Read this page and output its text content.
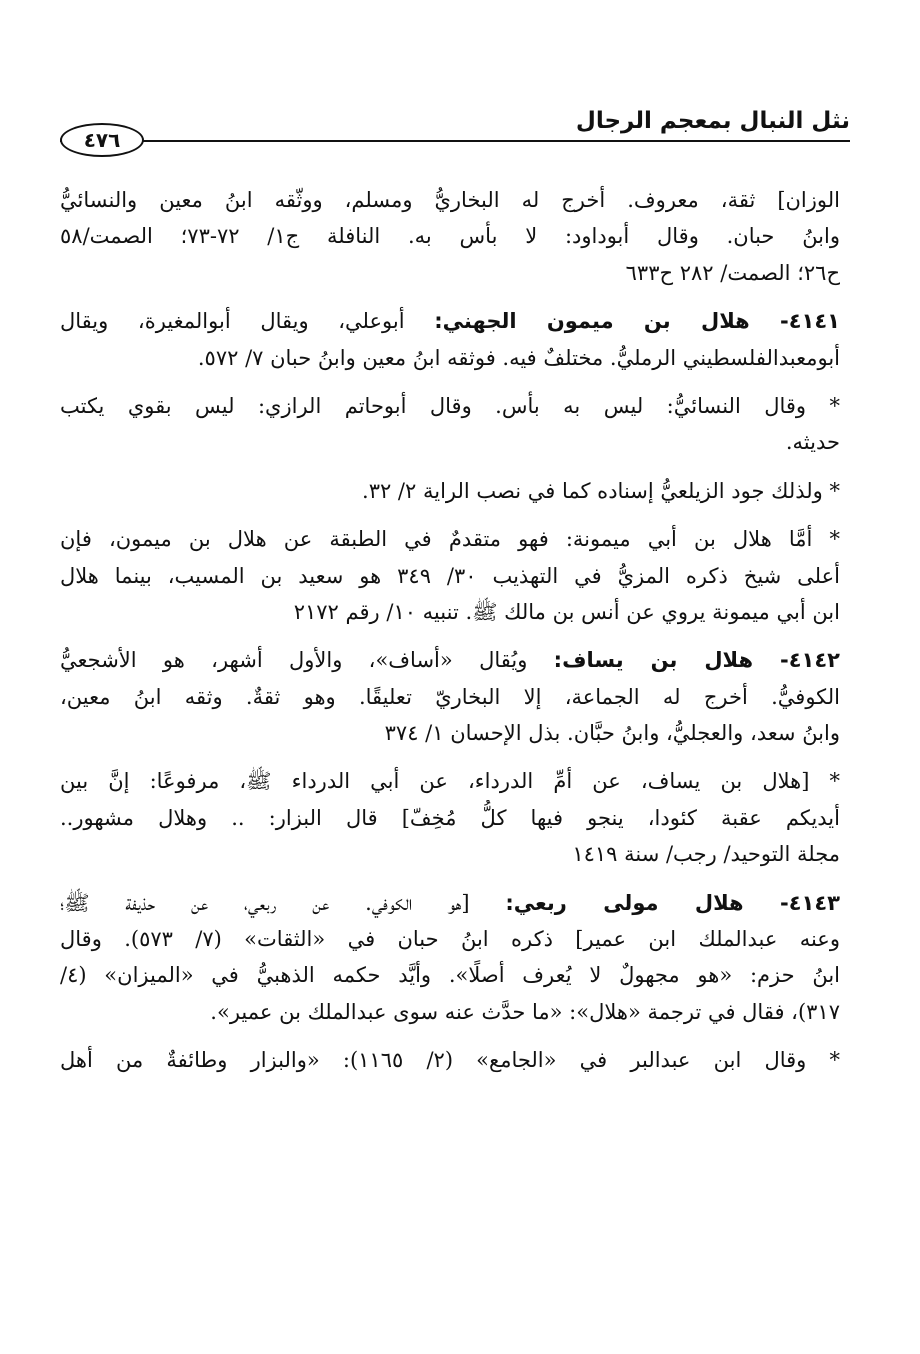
نثل النبال بمعجم الرجال
٤٧٦
الوزان] ثقة، معروف. أخرج له البخاريُّ ومسلم، ووثّقه ابنُ معين والنسائيُّ
وابنُ حبان. وقال أبوداود: لا بأس به. النافلة ج١/ ٧٢-٧٣؛ الصمت/٥٨
ح٢٦؛ الصمت/ ٢٨٢ ح٦٣٣
٤١٤١- هلال بن ميمون الجهني: أبوعلي، ويقال أبوالمغيرة، ويقال
أبومعبدالفلسطيني الرمليُّ. مختلفٌ فيه. فوثقه ابنُ معين وابنُ حبان ٧/ ٥٧٢.
* وقال النسائيُّ: ليس به بأس. وقال أبوحاتم الرازي: ليس بقوي يكتب
حديثه.
* ولذلك جود الزيلعيُّ إسناده كما في نصب الراية ٢/ ٣٢.
* أمَّا هلال بن أبي ميمونة: فهو متقدمٌ في الطبقة عن هلال بن ميمون، فإن
أعلى شيخ ذكره المزيُّ في التهذيب ٣٠/ ٣٤٩ هو سعيد بن المسيب، بينما هلال
ابن أبي ميمونة يروي عن أنس بن مالك ﷺ. تنبيه ١٠/ رقم ٢١٧٢
٤١٤٢- هلال بن يساف: ويُقال «أساف»، والأول أشهر، هو الأشجعيُّ
الكوفيُّ. أخرج له الجماعة، إلا البخاريّ تعليقًا. وهو ثقةٌ. وثقه ابنُ معين،
وابنُ سعد، والعجليُّ، وابنُ حبَّان. بذل الإحسان ١/ ٣٧٤
* [هلال بن يساف، عن أمِّ الدرداء، عن أبي الدرداء ﷺ، مرفوعًا: إنَّ بين
أيديكم عقبة كئودا، ينجو فيها كلُّ مُخِفّ] قال البزار: .. وهلال مشهور..
مجلة التوحيد/ رجب/ سنة ١٤١٩
٤١٤٣- هلال مولى ربعي: [هو الكوفي. عن ربعي، عن حذيفة ﷺ؛
وعنه عبدالملك ابن عمير] ذكره ابنُ حبان في «الثقات» (٧/ ٥٧٣). وقال
ابنُ حزم: «هو مجهولٌ لا يُعرف أصلًا». وأيَّد حكمه الذهبيُّ في «الميزان» (٤/
٣١٧)، فقال في ترجمة «هلال»: «ما حدَّث عنه سوى عبدالملك بن عمير».
* وقال ابن عبدالبر في «الجامع» (٢/ ١١٦٥): «والبزار وطائفةٌ من أهل
